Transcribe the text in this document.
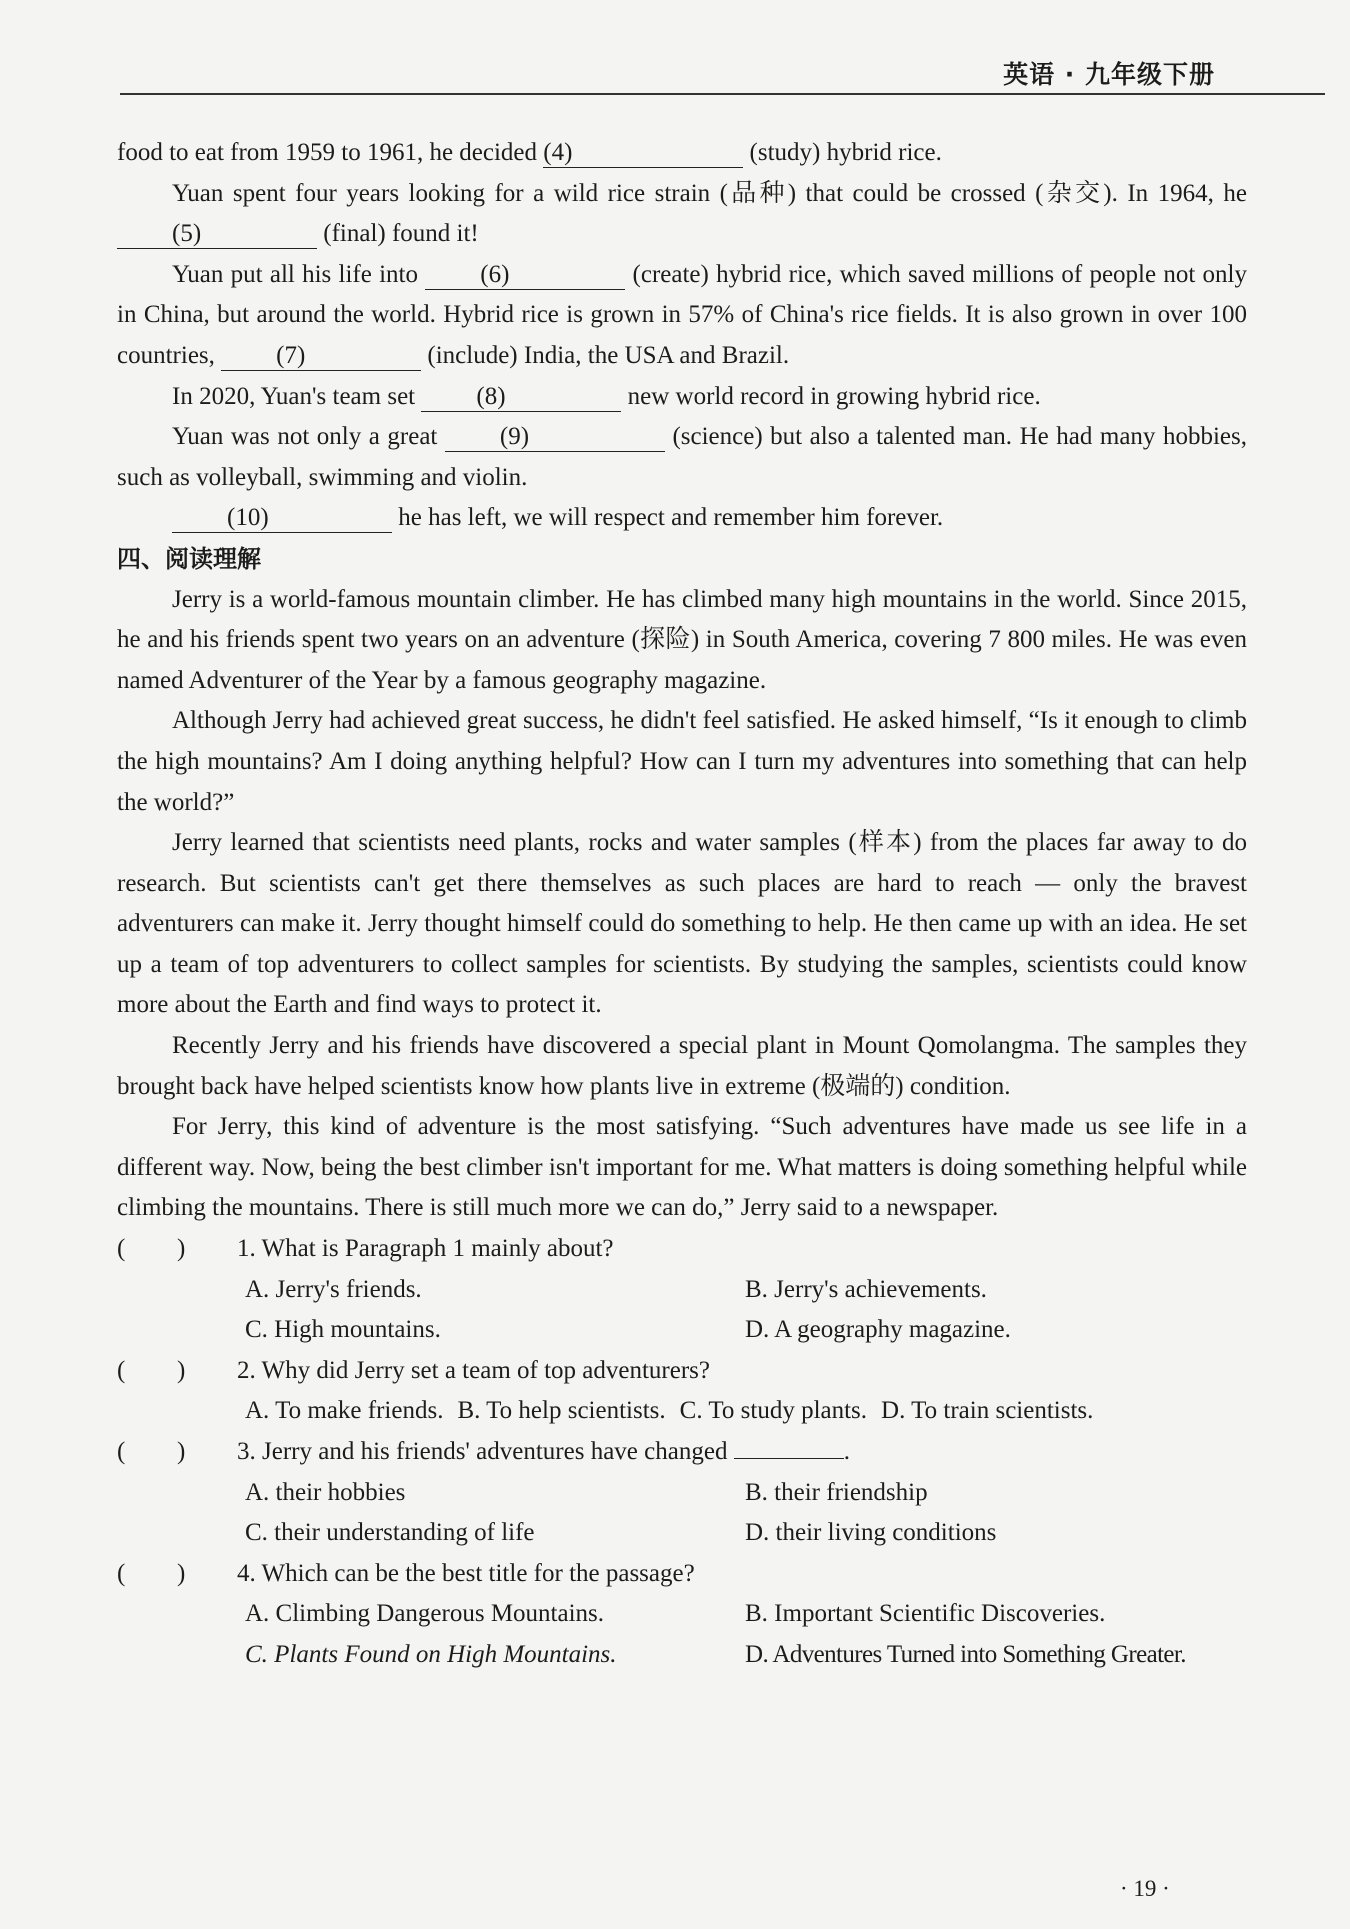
英语 · 九年级下册

food to eat from 1959 to 1961, he decided (4)	(study) hybrid rice.

Yuan spent four years looking for a wild rice strain (品种) that could be crossed (杂交). In 1964, he (5)	(final) found it!

Yuan put all his life into (6)	(create) hybrid rice, which saved millions of people not only in China, but around the world. Hybrid rice is grown in 57% of China's rice fields. It is also grown in over 100 countries, (7)	(include) India, the USA and Brazil.

In 2020, Yuan's team set (8)	new world record in growing hybrid rice.

Yuan was not only a great (9)	(science) but also a talented man. He had many hobbies, such as volleyball, swimming and violin.

(10)	he has left, we will respect and remember him forever.

四、阅读理解

Jerry is a world-famous mountain climber. He has climbed many high mountains in the world. Since 2015, he and his friends spent two years on an adventure (探险) in South America, covering 7 800 miles. He was even named Adventurer of the Year by a famous geography magazine.

Although Jerry had achieved great success, he didn't feel satisfied. He asked himself, “Is it enough to climb the high mountains? Am I doing anything helpful? How can I turn my adventures into something that can help the world?”

Jerry learned that scientists need plants, rocks and water samples (样本) from the places far away to do research. But scientists can't get there themselves as such places are hard to reach — only the bravest adventurers can make it. Jerry thought himself could do something to help. He then came up with an idea. He set up a team of top adventurers to collect samples for scientists. By studying the samples, scientists could know more about the Earth and find ways to protect it.

Recently Jerry and his friends have discovered a special plant in Mount Qomolangma. The samples they brought back have helped scientists know how plants live in extreme (极端的) condition.

For Jerry, this kind of adventure is the most satisfying. “Such adventures have made us see life in a different way. Now, being the best climber isn't important for me. What matters is doing something helpful while climbing the mountains. There is still much more we can do,” Jerry said to a newspaper.

( ) 1. What is Paragraph 1 mainly about?

A. Jerry's friends.	B. Jerry's achievements.

C. High mountains.	D. A geography magazine.

( ) 2. Why did Jerry set a team of top adventurers?

A. To make friends. B. To help scientists. C. To study plants. D. To train scientists.

( ) 3. Jerry and his friends' adventures have changed	.

A. their hobbies	B. their friendship

C. their understanding of life	D. their living conditions

( ) 4. Which can be the best title for the passage?

A. Climbing Dangerous Mountains.	B. Important Scientific Discoveries.

C. Plants Found on High Mountains.	D. Adventures Turned into Something Greater.

· 19 ·
